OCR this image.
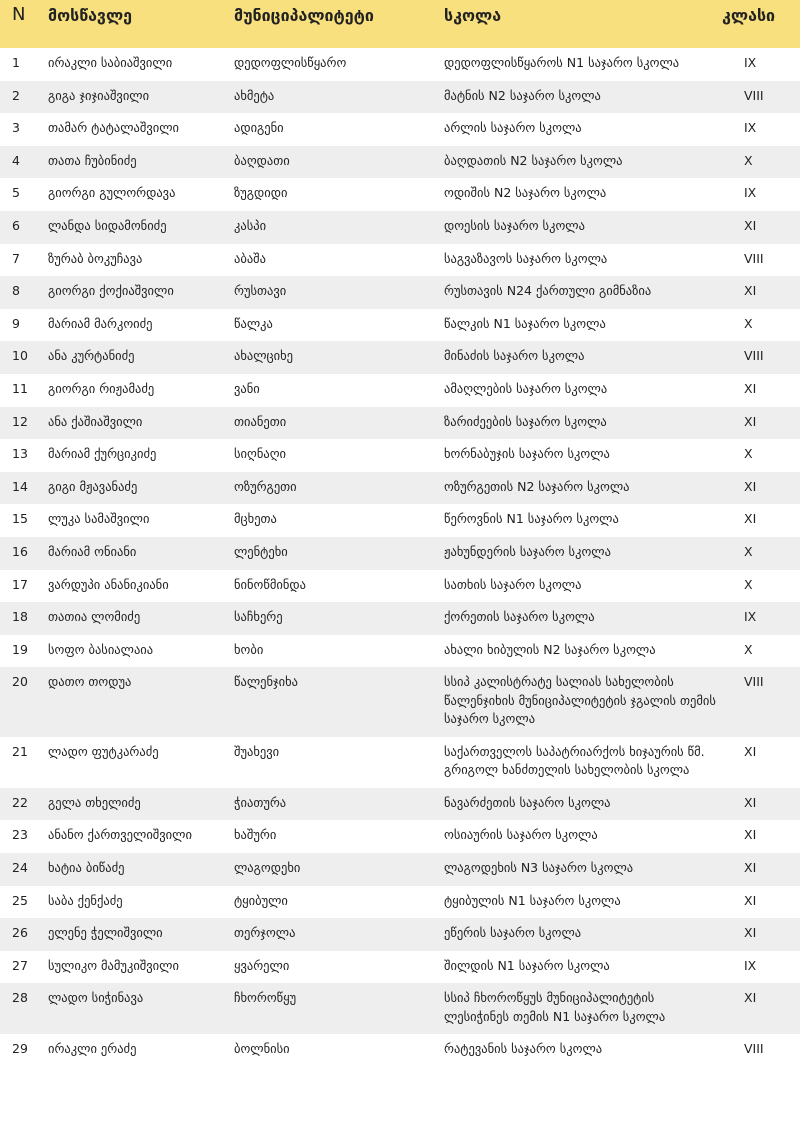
N	მოსწავლე	მუნიციპალიტეტი	სკოლა	კლასი
1	ირაკლი საბიაშვილი	დედოფლისწყარო	დედოფლისწყაროს N1 საჯარო სკოლა	IX
2	გიგა ჯიჯიაშვილი	ახმეტა	მატნის N2 საჯარო სკოლა	VIII
3	თამარ ტატალაშვილი	ადიგენი	არლის საჯარო სკოლა	IX
4	თათა ჩუბინიძე	ბაღდათი	ბაღდათის N2 საჯარო სკოლა	X
5	გიორგი გულორდავა	ზუგდიდი	ოდიშის N2 საჯარო სკოლა	IX
6	ლანდა სიდამონიძე	კასპი	დოესის საჯარო სკოლა	XI
7	ზურაბ ბოკუჩავა	აბაშა	საგვაზავოს საჯარო სკოლა	VIII
8	გიორგი ქოქიაშვილი	რუსთავი	რუსთავის N24 ქართული გიმნაზია	XI
9	მარიამ მარკოიძე	წალკა	წალკის N1 საჯარო სკოლა	X
10	ანა კურტანიძე	ახალციხე	მინაძის საჯარო სკოლა	VIII
11	გიორგი რიჟამაძე	ვანი	ამაღლების საჯარო სკოლა	XI
12	ანა ქაშიაშვილი	თიანეთი	ზარიძეების საჯარო სკოლა	XI
13	მარიამ ქურციკიძე	სიღნაღი	ხორნაბუჯის საჯარო სკოლა	X
14	გიგი მჟავანაძე	ოზურგეთი	ოზურგეთის N2 საჯარო სკოლა	XI
15	ლუკა სამაშვილი	მცხეთა	წეროვნის N1 საჯარო სკოლა	XI
16	მარიამ ონიანი	ლენტეხი	ჟახუნდერის საჯარო სკოლა	X
17	ვარდუპი ანანიკიანი	ნინოწმინდა	სათხის საჯარო სკოლა	X
18	თათია ლომიძე	საჩხერე	ქორეთის საჯარო სკოლა	IX
19	სოფო ბასიალაია	ხობი	ახალი ხიბულის N2 საჯარო სკოლა	X
20	დათო თოდუა	წალენჯიხა	სსიპ კალისტრატე სალიას სახელობის წალენჯიხის მუნიციპალიტეტის ჯგალის თემის საჯარო სკოლა	VIII
21	ლადო ფუტკარაძე	შუახევი	საქართველოს საპატრიარქოს ხიჯაურის წმ. გრიგოლ ხანძთელის სახელობის სკოლა	XI
22	გელა თხელიძე	ჭიათურა	ნავარძეთის საჯარო სკოლა	XI
23	ანანო ქართველიშვილი	ხაშური	ოსიაურის საჯარო სკოლა	XI
24	ხატია ბიწაძე	ლაგოდეხი	ლაგოდეხის N3 საჯარო სკოლა	XI
25	საბა ქენქაძე	ტყიბული	ტყიბულის N1 საჯარო სკოლა	XI
26	ელენე ჭელიშვილი	თერჯოლა	ეწერის საჯარო სკოლა	XI
27	სულიკო მამუკიშვილი	ყვარელი	შილდის N1 საჯარო სკოლა	IX
28	ლადო სიჭინავა	ჩხოროწყუ	სსიპ ჩხოროწყუს მუნიციპალიტეტის ლესიჭინეს თემის N1 საჯარო სკოლა	XI
29	ირაკლი ერაძე	ბოლნისი	რატევანის საჯარო სკოლა	VIII
